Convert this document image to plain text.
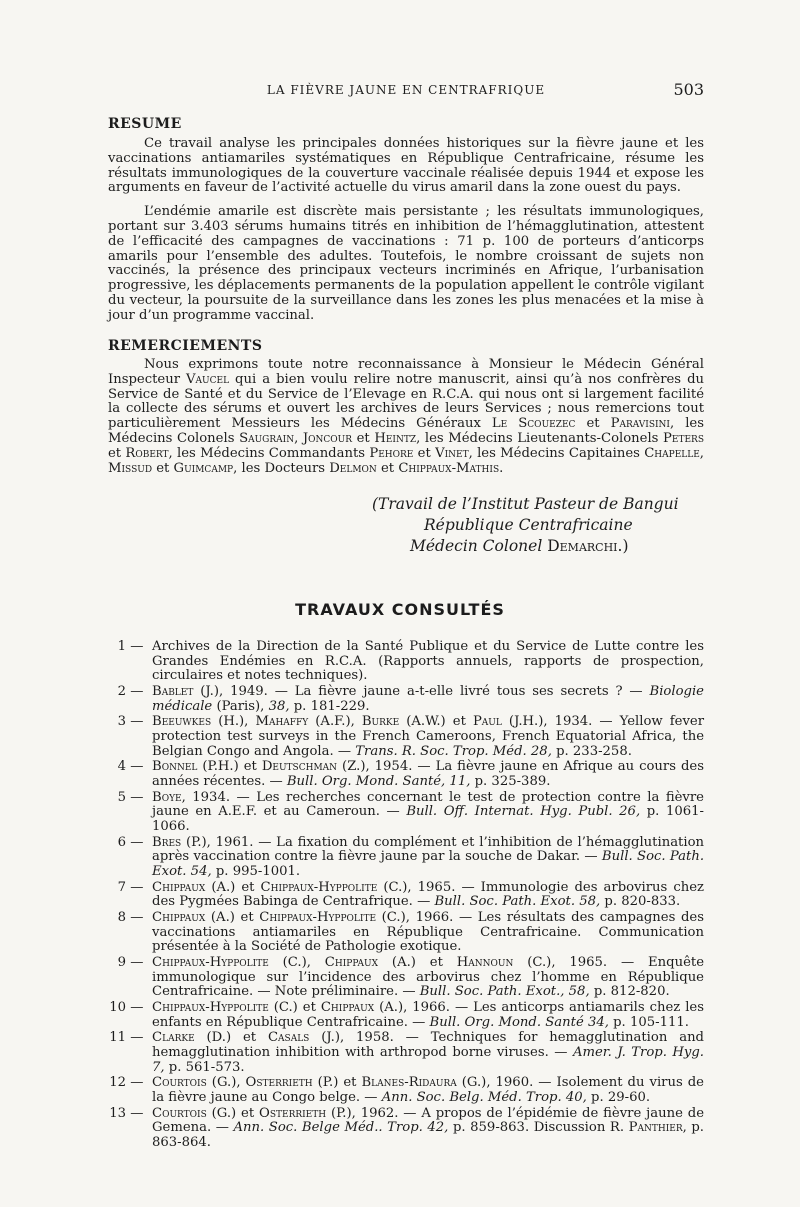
LA FIÈVRE JAUNE EN CENTRAFRIQUE	503
RESUME

Ce travail analyse les principales données historiques sur la fièvre jaune et les vaccinations antiamariles systématiques en République Centrafricaine, résume les résultats immunologiques de la couverture vaccinale réalisée depuis 1944 et expose les arguments en faveur de l’activité actuelle du virus amaril dans la zone ouest du pays.

L’endémie amarile est discrète mais persistante ; les résultats immunologiques, portant sur 3.403 sérums humains titrés en inhibition de l’hémagglutination, attestent de l’efficacité des campagnes de vaccinations : 71 p. 100 de porteurs d’anticorps amarils pour l’ensemble des adultes. Toutefois, le nombre croissant de sujets non vaccinés, la présence des principaux vecteurs incriminés en Afrique, l’urbanisation progressive, les déplacements permanents de la population appellent le contrôle vigilant du vecteur, la poursuite de la surveillance dans les zones les plus menacées et la mise à jour d’un programme vaccinal.

REMERCIEMENTS

Nous exprimons toute notre reconnaissance à Monsieur le Médecin Général Inspecteur Vaucel qui a bien voulu relire notre manuscrit, ainsi qu’à nos confrères du Service de Santé et du Service de l’Elevage en R.C.A. qui nous ont si largement facilité la collecte des sérums et ouvert les archives de leurs Services ; nous remercions tout particulièrement Messieurs les Médecins Généraux Le Scouezec et Paravisini, les Médecins Colonels Saugrain, Joncour et Heintz, les Médecins Lieutenants-Colonels Peters et Robert, les Médecins Commandants Pehore et Vinet, les Médecins Capitaines Chapelle, Missud et Guimcamp, les Docteurs Delmon et Chippaux-Mathis.

(Travail de l’Institut Pasteur de Bangui
République Centrafricaine
Médecin Colonel Demarchi.)
TRAVAUX CONSULTÉS
1 — Archives de la Direction de la Santé Publique et du Service de Lutte contre les Grandes Endémies en R.C.A. (Rapports annuels, rapports de prospection, circulaires et notes techniques).
2 — Bablet (J.), 1949. — La fièvre jaune a-t-elle livré tous ses secrets ? — Biologie médicale (Paris), 38, p. 181-229.
3 — Beeuwkes (H.), Mahaffy (A.F.), Burke (A.W.) et Paul (J.H.), 1934. — Yellow fever protection test surveys in the French Cameroons, French Equatorial Africa, the Belgian Congo and Angola. — Trans. R. Soc. Trop. Méd. 28, p. 233-258.
4 — Bonnel (P.H.) et Deutschman (Z.), 1954. — La fièvre jaune en Afrique au cours des années récentes. — Bull. Org. Mond. Santé, 11, p. 325-389.
5 — Boye, 1934. — Les recherches concernant le test de protection contre la fièvre jaune en A.E.F. et au Cameroun. — Bull. Off. Internat. Hyg. Publ. 26, p. 1061-1066.
6 — Bres (P.), 1961. — La fixation du complément et l’inhibition de l’hémagglutination après vaccination contre la fièvre jaune par la souche de Dakar. — Bull. Soc. Path. Exot. 54, p. 995-1001.
7 — Chippaux (A.) et Chippaux-Hyppolite (C.), 1965. — Immunologie des arbovirus chez des Pygmées Babinga de Centrafrique. — Bull. Soc. Path. Exot. 58, p. 820-833.
8 — Chippaux (A.) et Chippaux-Hyppolite (C.), 1966. — Les résultats des campagnes des vaccinations antiamariles en République Centrafricaine. Communication présentée à la Société de Pathologie exotique.
9 — Chippaux-Hyppolite (C.), Chippaux (A.) et Hannoun (C.), 1965. — Enquête immunologique sur l’incidence des arbovirus chez l’homme en République Centrafricaine. — Note préliminaire. — Bull. Soc. Path. Exot., 58, p. 812-820.
10 — Chippaux-Hyppolite (C.) et Chippaux (A.), 1966. — Les anticorps antiamarils chez les enfants en République Centrafricaine. — Bull. Org. Mond. Santé 34, p. 105-111.
11 — Clarke (D.) et Casals (J.), 1958. — Techniques for hemagglutination and hemagglutination inhibition with arthropod borne viruses. — Amer. J. Trop. Hyg. 7, p. 561-573.
12 — Courtois (G.), Osterrieth (P.) et Blanes-Ridaura (G.), 1960. — Isolement du virus de la fièvre jaune au Congo belge. — Ann. Soc. Belg. Méd. Trop. 40, p. 29-60.
13 — Courtois (G.) et Osterrieth (P.), 1962. — A propos de l’épidémie de fièvre jaune de Gemena. — Ann. Soc. Belge Méd.. Trop. 42, p. 859-863. Discussion R. Panthier, p. 863-864.
